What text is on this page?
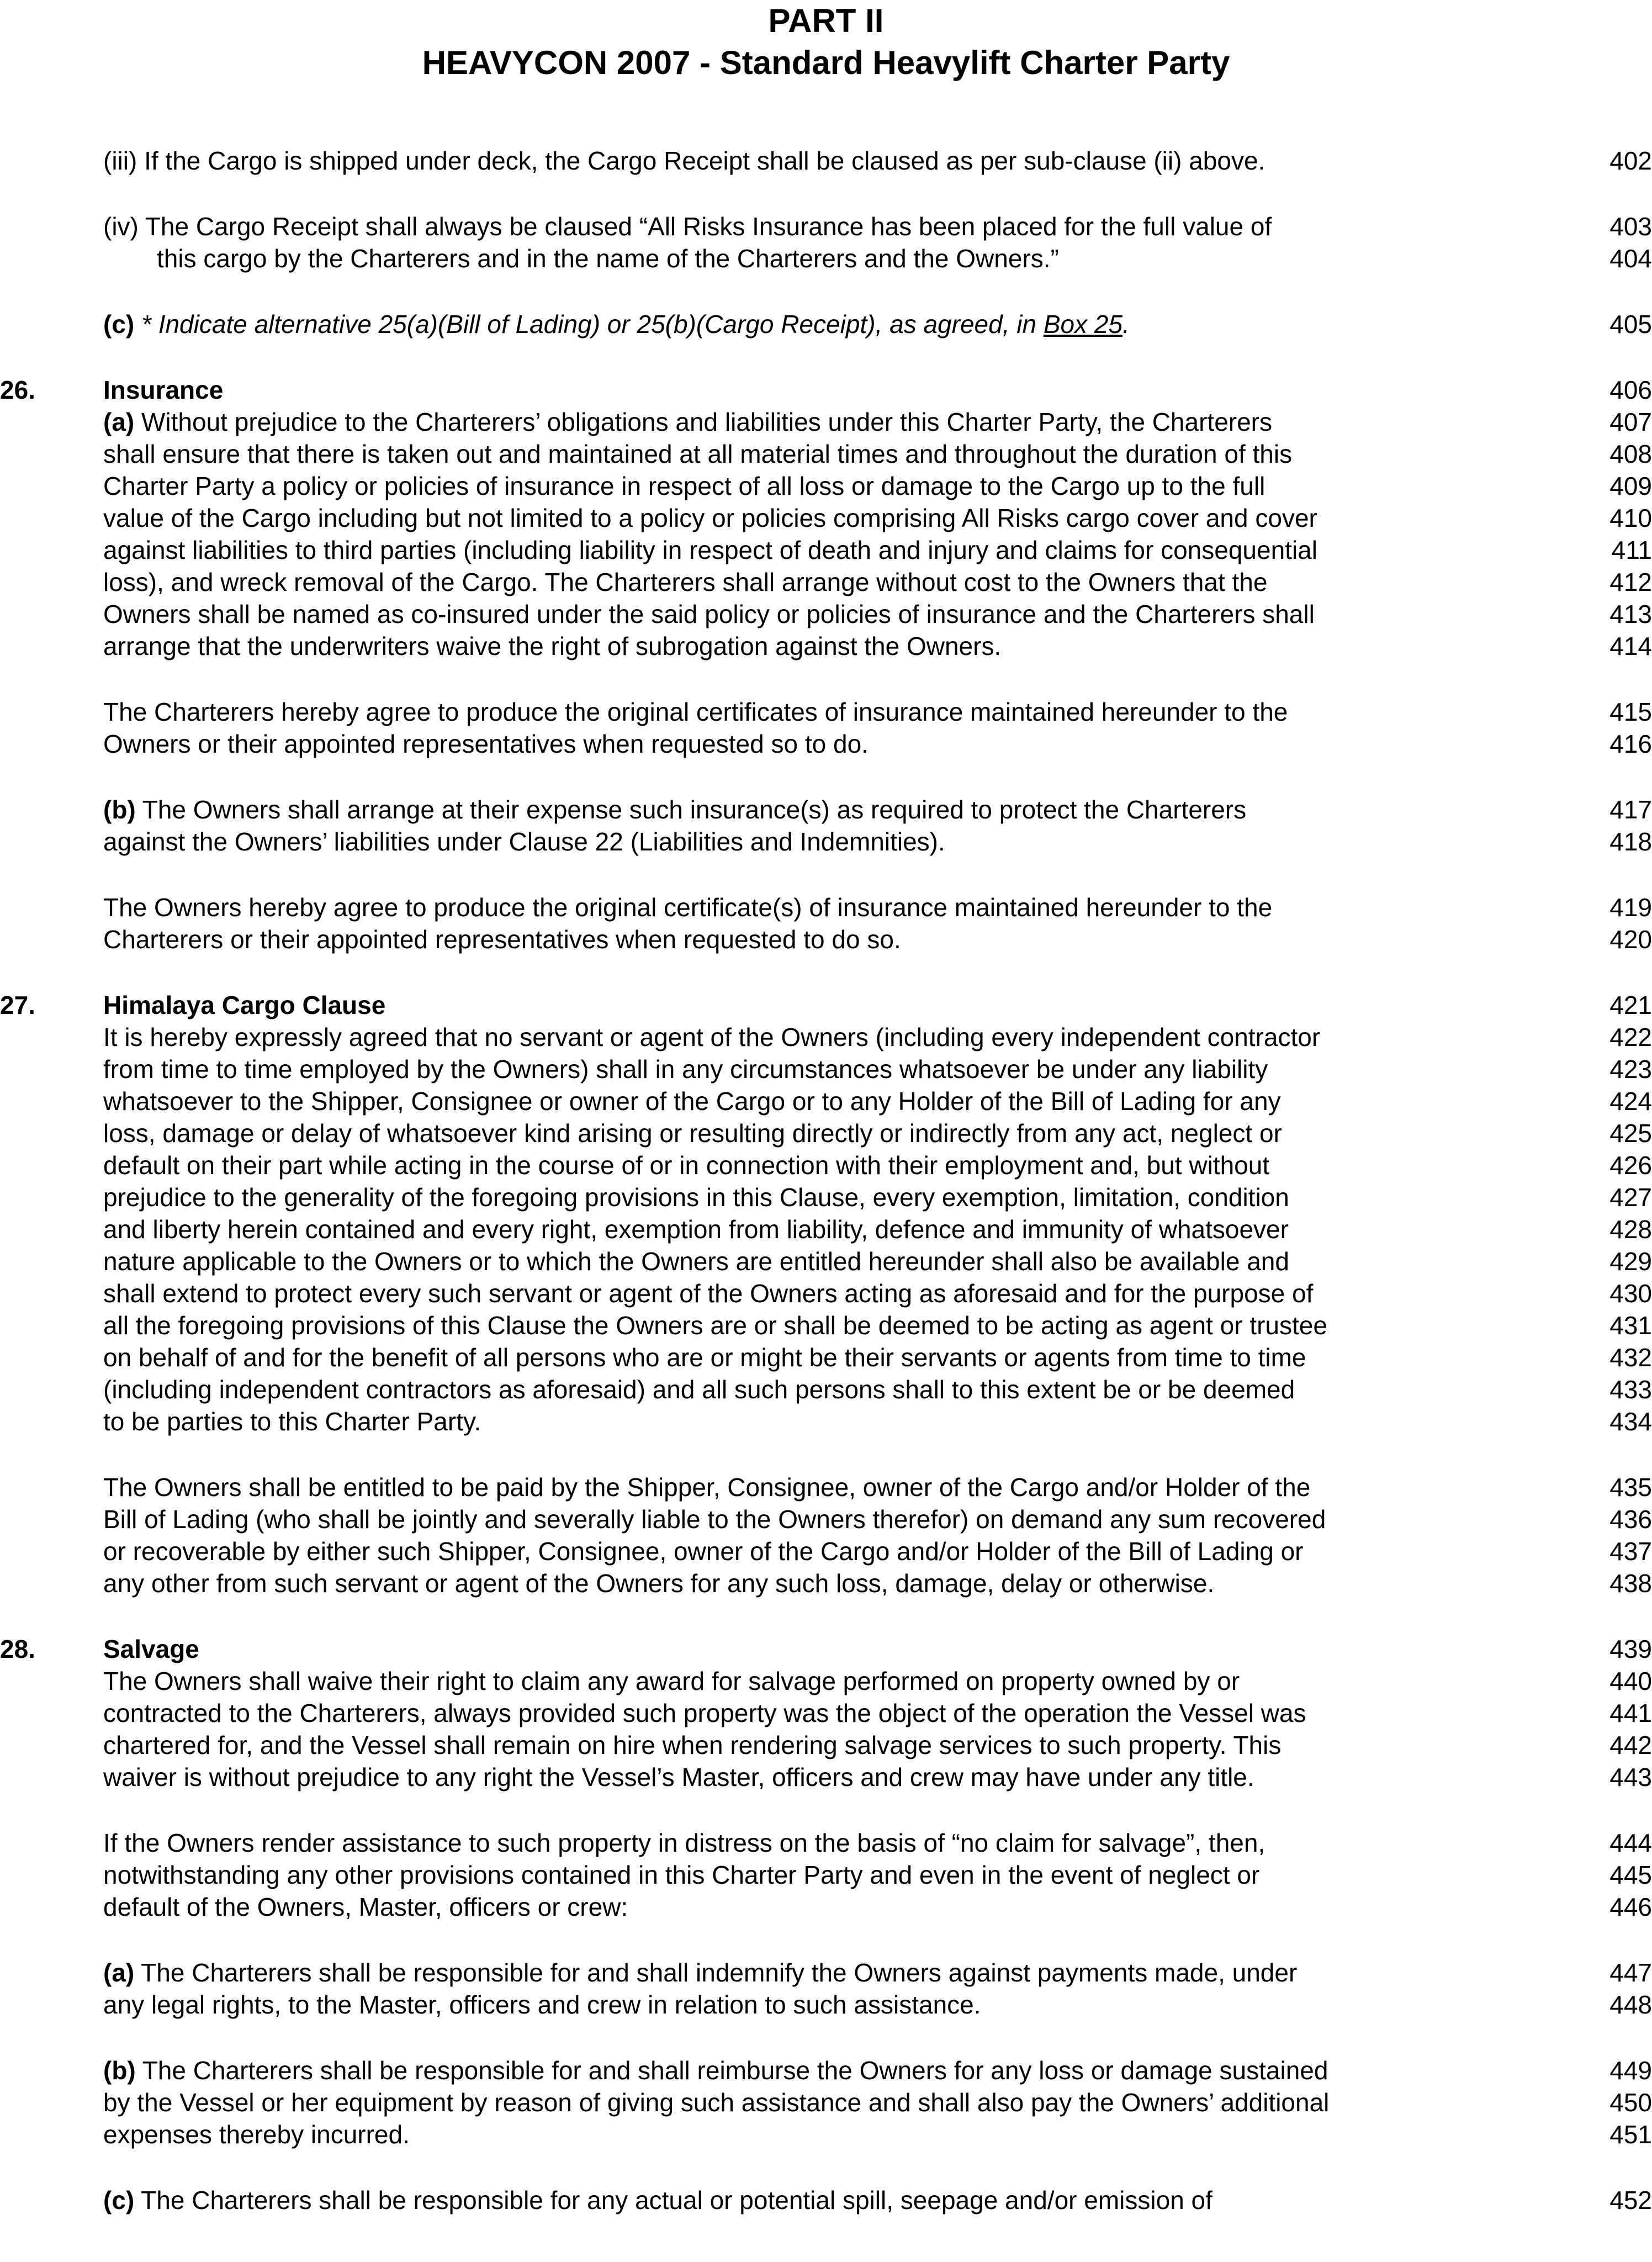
PART II
HEAVYCON 2007 - Standard Heavylift Charter Party
(iii) If the Cargo is shipped under deck, the Cargo Receipt shall be claused as per sub-clause (ii) above.	402
(iv) The Cargo Receipt shall always be claused “All Risks Insurance has been placed for the full value of	403
this cargo by the Charterers and in the name of the Charterers and the Owners.”	404
(c) * Indicate alternative 25(a)(Bill of Lading) or 25(b)(Cargo Receipt), as agreed, in Box 25.	405
26.	Insurance	406
(a) Without prejudice to the Charterers’ obligations and liabilities under this Charter Party, the Charterers	407
shall ensure that there is taken out and maintained at all material times and throughout the duration of this	408
Charter Party a policy or policies of insurance in respect of all loss or damage to the Cargo up to the full	409
value of the Cargo including but not limited to a policy or policies comprising All Risks cargo cover and cover	410
against liabilities to third parties (including liability in respect of death and injury and claims for consequential	411
loss), and wreck removal of the Cargo. The Charterers shall arrange without cost to the Owners that the	412
Owners shall be named as co-insured under the said policy or policies of insurance and the Charterers shall	413
arrange that the underwriters waive the right of subrogation against the Owners.	414
The Charterers hereby agree to produce the original certificates of insurance maintained hereunder to the	415
Owners or their appointed representatives when requested so to do.	416
(b) The Owners shall arrange at their expense such insurance(s) as required to protect the Charterers	417
against the Owners’ liabilities under Clause 22 (Liabilities and Indemnities).	418
The Owners hereby agree to produce the original certificate(s) of insurance maintained hereunder to the	419
Charterers or their appointed representatives when requested to do so.	420
27.	Himalaya Cargo Clause	421
It is hereby expressly agreed that no servant or agent of the Owners (including every independent contractor	422
from time to time employed by the Owners) shall in any circumstances whatsoever be under any liability	423
whatsoever to the Shipper, Consignee or owner of the Cargo or to any Holder of the Bill of Lading for any	424
loss, damage or delay of whatsoever kind arising or resulting directly or indirectly from any act, neglect or	425
default on their part while acting in the course of or in connection with their employment and, but without	426
prejudice to the generality of the foregoing provisions in this Clause, every exemption, limitation, condition	427
and liberty herein contained and every right, exemption from liability, defence and immunity of whatsoever	428
nature applicable to the Owners or to which the Owners are entitled hereunder shall also be available and	429
shall extend to protect every such servant or agent of the Owners acting as aforesaid and for the purpose of	430
all the foregoing provisions of this Clause the Owners are or shall be deemed to be acting as agent or trustee	431
on behalf of and for the benefit of all persons who are or might be their servants or agents from time to time	432
(including independent contractors as aforesaid) and all such persons shall to this extent be or be deemed	433
to be parties to this Charter Party.	434
The Owners shall be entitled to be paid by the Shipper, Consignee, owner of the Cargo and/or Holder of the	435
Bill of Lading (who shall be jointly and severally liable to the Owners therefor) on demand any sum recovered	436
or recoverable by either such Shipper, Consignee, owner of the Cargo and/or Holder of the Bill of Lading or	437
any other from such servant or agent of the Owners for any such loss, damage, delay or otherwise.	438
28.	Salvage	439
The Owners shall waive their right to claim any award for salvage performed on property owned by or	440
contracted to the Charterers, always provided such property was the object of the operation the Vessel was	441
chartered for, and the Vessel shall remain on hire when rendering salvage services to such property. This	442
waiver is without prejudice to any right the Vessel’s Master, officers and crew may have under any title.	443
If the Owners render assistance to such property in distress on the basis of “no claim for salvage”, then,	444
notwithstanding any other provisions contained in this Charter Party and even in the event of neglect or	445
default of the Owners, Master, officers or crew:	446
(a) The Charterers shall be responsible for and shall indemnify the Owners against payments made, under	447
any legal rights, to the Master, officers and crew in relation to such assistance.	448
(b) The Charterers shall be responsible for and shall reimburse the Owners for any loss or damage sustained	449
by the Vessel or her equipment by reason of giving such assistance and shall also pay the Owners’ additional	450
expenses thereby incurred.	451
(c) The Charterers shall be responsible for any actual or potential spill, seepage and/or emission of	452
